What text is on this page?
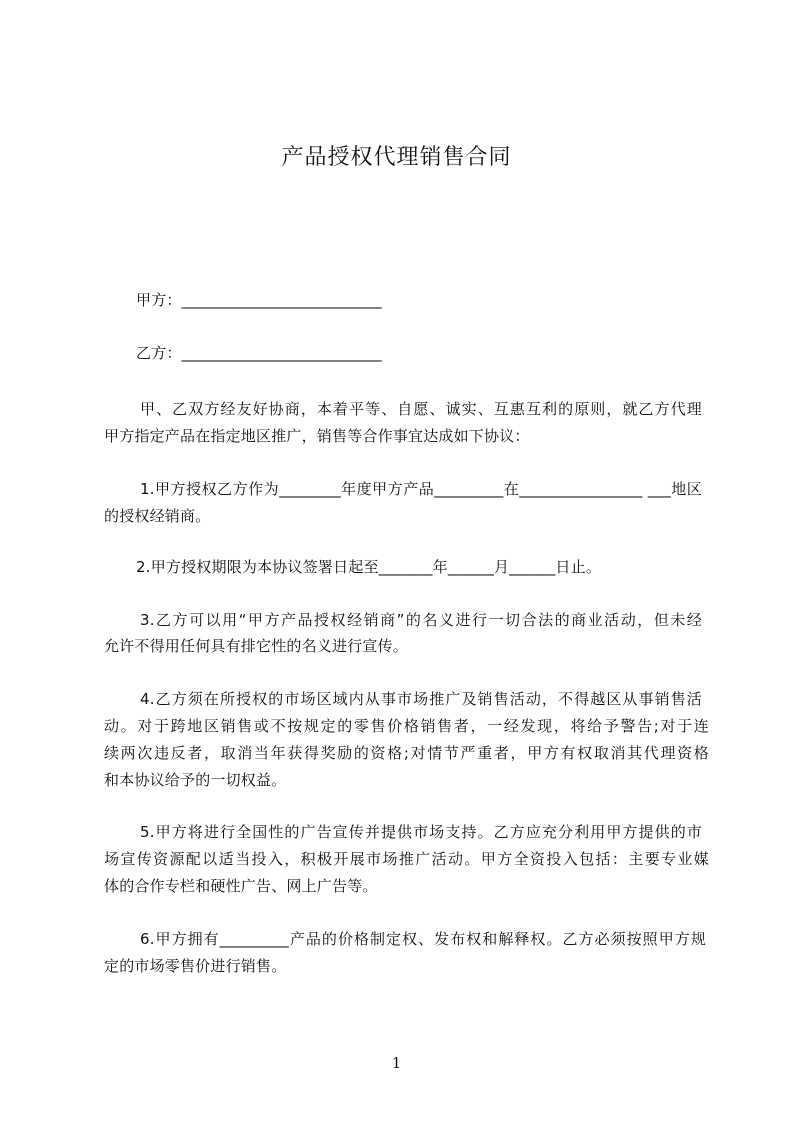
产品授权代理销售合同
甲方：__________________________
乙方：__________________________
甲、乙双方经友好协商，本着平等、自愿、诚实、互惠互利的原则，就乙方代理
甲方指定产品在指定地区推广，销售等合作事宜达成如下协议：
1.甲方授权乙方作为________年度甲方产品_________在________________ ___地区
的授权经销商。
2.甲方授权期限为本协议签署日起至_______年______月______日止。
3.乙方可以用“甲方产品授权经销商”的名义进行一切合法的商业活动，但未经
允许不得用任何具有排它性的名义进行宣传。
4.乙方须在所授权的市场区域内从事市场推广及销售活动，不得越区从事销售活
动。对于跨地区销售或不按规定的零售价格销售者，一经发现，将给予警告;对于连
续两次违反者，取消当年获得奖励的资格;对情节严重者，甲方有权取消其代理资格
和本协议给予的一切权益。
5.甲方将进行全国性的广告宣传并提供市场支持。乙方应充分利用甲方提供的市
场宣传资源配以适当投入，积极开展市场推广活动。甲方全资投入包括：主要专业媒
体的合作专栏和硬性广告、网上广告等。
6.甲方拥有_________产品的价格制定权、发布权和解释权。乙方必须按照甲方规
定的市场零售价进行销售。
1
